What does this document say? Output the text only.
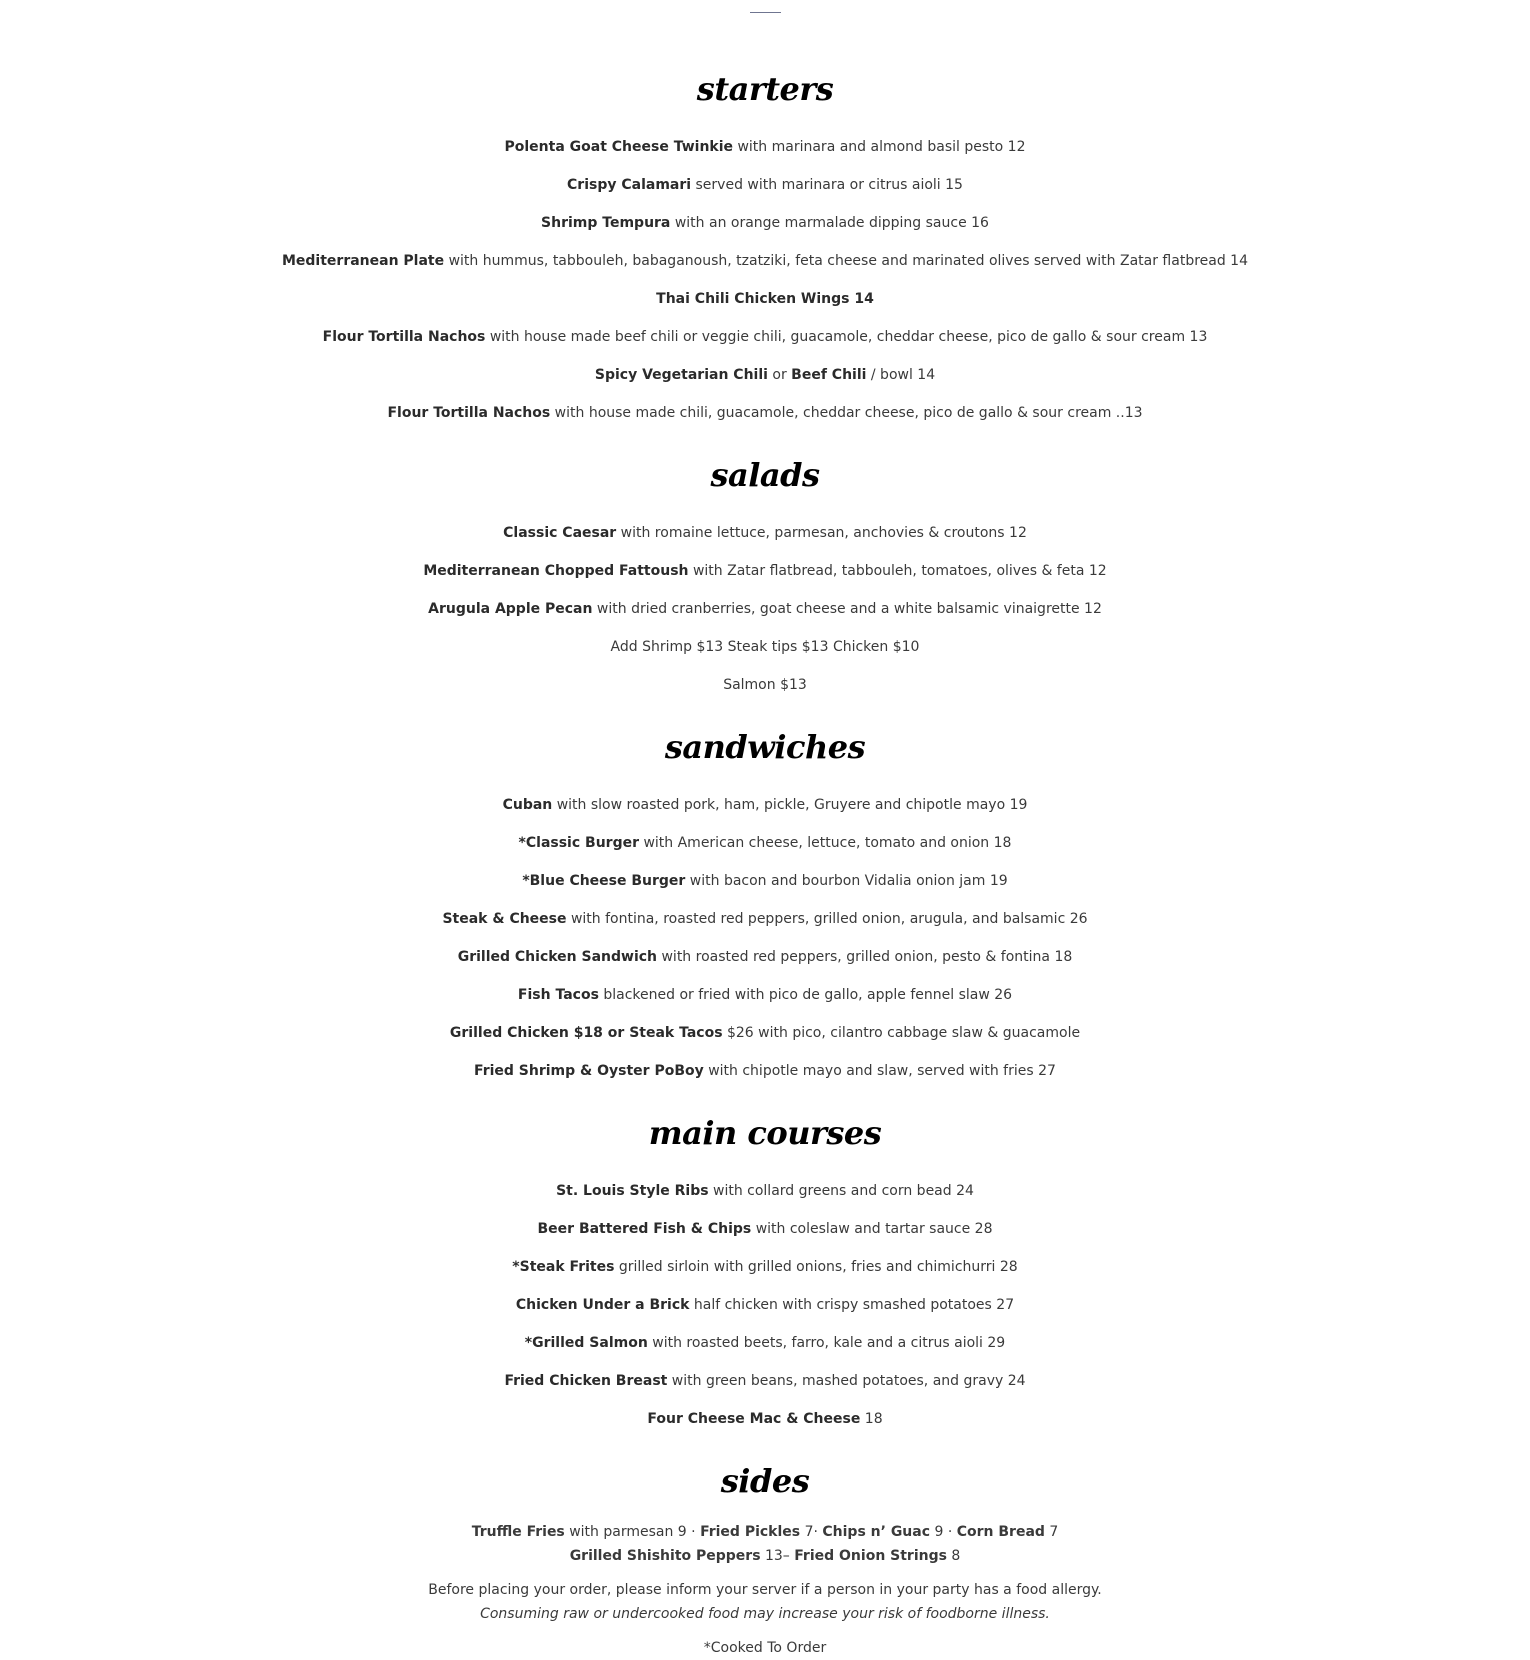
starters
Polenta Goat Cheese Twinkie with marinara and almond basil pesto 12
Crispy Calamari served with marinara or citrus aioli 15
Shrimp Tempura with an orange marmalade dipping sauce 16
Mediterranean Plate with hummus, tabbouleh, babaganoush, tzatziki, feta cheese and marinated olives served with Zatar flatbread 14
Thai Chili Chicken Wings 14
Flour Tortilla Nachos with house made beef chili or veggie chili, guacamole, cheddar cheese, pico de gallo & sour cream 13
Spicy Vegetarian Chili or Beef Chili / bowl 14
Flour Tortilla Nachos with house made chili, guacamole, cheddar cheese, pico de gallo & sour cream ..13
salads
Classic Caesar with romaine lettuce, parmesan, anchovies & croutons 12
Mediterranean Chopped Fattoush with Zatar flatbread, tabbouleh, tomatoes, olives & feta 12
Arugula Apple Pecan with dried cranberries, goat cheese and a white balsamic vinaigrette 12
Add Shrimp $13 Steak tips $13 Chicken $10
Salmon $13
sandwiches
Cuban with slow roasted pork, ham, pickle, Gruyere and chipotle mayo 19
*Classic Burger with American cheese, lettuce, tomato and onion 18
*Blue Cheese Burger with bacon and bourbon Vidalia onion jam 19
Steak & Cheese with fontina, roasted red peppers, grilled onion, arugula, and balsamic 26
Grilled Chicken Sandwich with roasted red peppers, grilled onion, pesto & fontina 18
Fish Tacos blackened or fried with pico de gallo, apple fennel slaw 26
Grilled Chicken $18 or Steak Tacos $26 with pico, cilantro cabbage slaw & guacamole
Fried Shrimp & Oyster PoBoy with chipotle mayo and slaw, served with fries 27
main courses
St. Louis Style Ribs with collard greens and corn bead 24
Beer Battered Fish & Chips with coleslaw and tartar sauce 28
*Steak Frites grilled sirloin with grilled onions, fries and chimichurri 28
Chicken Under a Brick half chicken with crispy smashed potatoes 27
*Grilled Salmon with roasted beets, farro, kale and a citrus aioli 29
Fried Chicken Breast with green beans, mashed potatoes, and gravy 24
Four Cheese Mac & Cheese 18
sides
Truffle Fries with parmesan 9 · Fried Pickles 7· Chips n’ Guac 9 · Corn Bread 7
Grilled Shishito Peppers 13– Fried Onion Strings 8
Before placing your order, please inform your server if a person in your party has a food allergy.
Consuming raw or undercooked food may increase your risk of foodborne illness.
*Cooked To Order
